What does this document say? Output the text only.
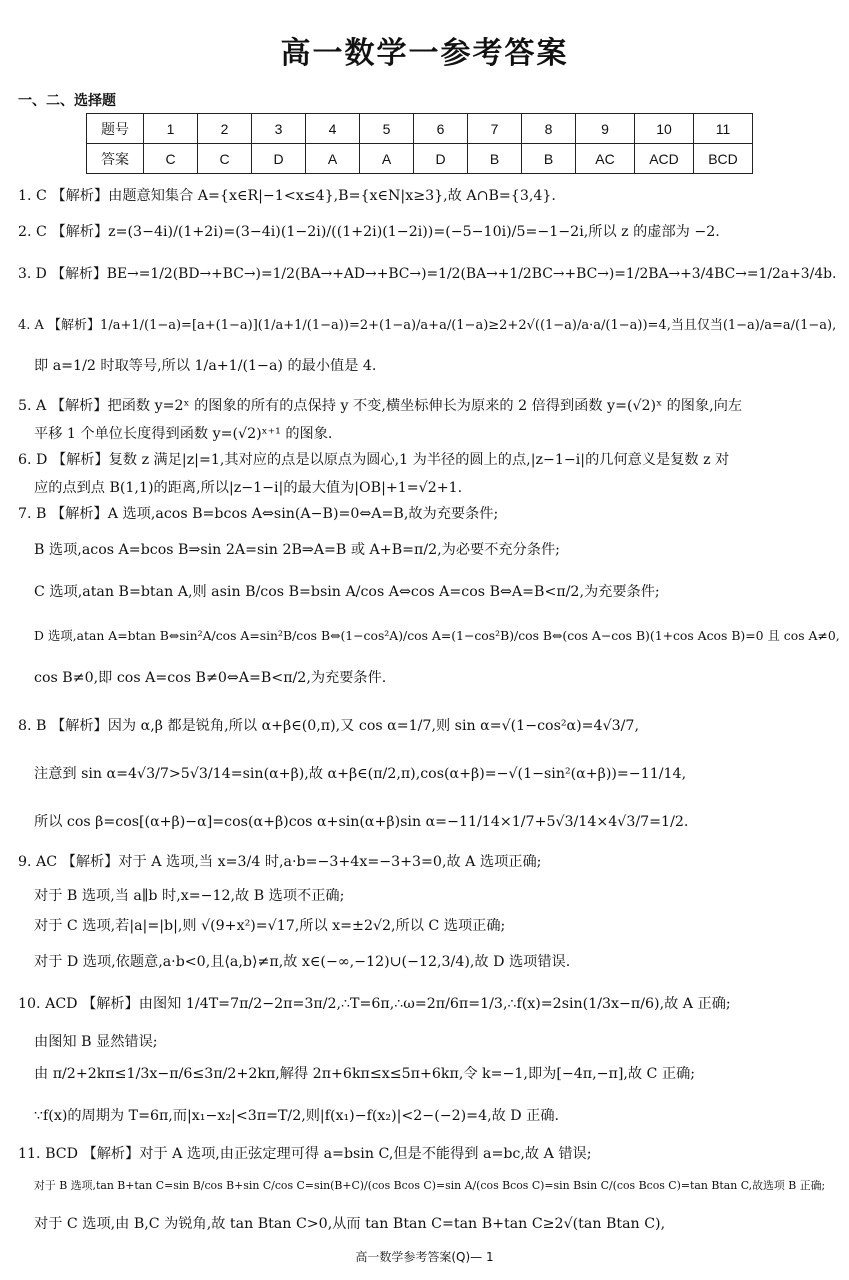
高一数学一参考答案
一、二、选择题
题号	1	2	3	4	5	6	7	8	9	10	11
答案	C	C	D	A	A	D	B	B	AC	ACD	BCD
1. C 【解析】由题意知集合 A={x∈R|−1<x≤4},B={x∈N|x≥3},故 A∩B={3,4}.
2. C 【解析】z=(3−4i)/(1+2i)=(3−4i)(1−2i)/((1+2i)(1−2i))=(−5−10i)/5=−1−2i,所以 z 的虚部为 −2.
3. D 【解析】BE→=1/2(BD→+BC→)=1/2(BA→+AD→+BC→)=1/2(BA→+1/2BC→+BC→)=1/2BA→+3/4BC→=1/2a+3/4b.
4. A 【解析】1/a+1/(1−a)=[a+(1−a)](1/a+1/(1−a))=2+(1−a)/a+a/(1−a)≥2+2√((1−a)/a·a/(1−a))=4,当且仅当(1−a)/a=a/(1−a),
即 a=1/2 时取等号,所以 1/a+1/(1−a) 的最小值是 4.
5. A 【解析】把函数 y=2ˣ 的图象的所有的点保持 y 不变,横坐标伸长为原来的 2 倍得到函数 y=(√2)ˣ 的图象,向左
平移 1 个单位长度得到函数 y=(√2)ˣ⁺¹ 的图象.
6. D 【解析】复数 z 满足|z|=1,其对应的点是以原点为圆心,1 为半径的圆上的点,|z−1−i|的几何意义是复数 z 对
应的点到点 B(1,1)的距离,所以|z−1−i|的最大值为|OB|+1=√2+1.
7. B 【解析】A 选项,acos B=bcos A⇔sin(A−B)=0⇔A=B,故为充要条件;
B 选项,acos A=bcos B⇒sin 2A=sin 2B⇒A=B 或 A+B=π/2,为必要不充分条件;
C 选项,atan B=btan A,则 asin B/cos B=bsin A/cos A⇔cos A=cos B⇔A=B<π/2,为充要条件;
D 选项,atan A=btan B⇔sin²A/cos A=sin²B/cos B⇔(1−cos²A)/cos A=(1−cos²B)/cos B⇔(cos A−cos B)(1+cos Acos B)=0 且 cos A≠0,
cos B≠0,即 cos A=cos B≠0⇔A=B<π/2,为充要条件.
8. B 【解析】因为 α,β 都是锐角,所以 α+β∈(0,π),又 cos α=1/7,则 sin α=√(1−cos²α)=4√3/7,
注意到 sin α=4√3/7>5√3/14=sin(α+β),故 α+β∈(π/2,π),cos(α+β)=−√(1−sin²(α+β))=−11/14,
所以 cos β=cos[(α+β)−α]=cos(α+β)cos α+sin(α+β)sin α=−11/14×1/7+5√3/14×4√3/7=1/2.
9. AC 【解析】对于 A 选项,当 x=3/4 时,a·b=−3+4x=−3+3=0,故 A 选项正确;
对于 B 选项,当 a∥b 时,x=−12,故 B 选项不正确;
对于 C 选项,若|a|=|b|,则 √(9+x²)=√17,所以 x=±2√2,所以 C 选项正确;
对于 D 选项,依题意,a·b<0,且⟨a,b⟩≠π,故 x∈(−∞,−12)∪(−12,3/4),故 D 选项错误.
10. ACD 【解析】由图知 1/4T=7π/2−2π=3π/2,∴T=6π,∴ω=2π/6π=1/3,∴f(x)=2sin(1/3x−π/6),故 A 正确;
由图知 B 显然错误;
由 π/2+2kπ≤1/3x−π/6≤3π/2+2kπ,解得 2π+6kπ≤x≤5π+6kπ,令 k=−1,即为[−4π,−π],故 C 正确;
∵f(x)的周期为 T=6π,而|x₁−x₂|<3π=T/2,则|f(x₁)−f(x₂)|<2−(−2)=4,故 D 正确.
11. BCD 【解析】对于 A 选项,由正弦定理可得 a=bsin C,但是不能得到 a=bc,故 A 错误;
对于 B 选项,tan B+tan C=sin B/cos B+sin C/cos C=sin(B+C)/(cos Bcos C)=sin A/(cos Bcos C)=sin Bsin C/(cos Bcos C)=tan Btan C,故选项 B 正确;
对于 C 选项,由 B,C 为锐角,故 tan Btan C>0,从而 tan Btan C=tan B+tan C≥2√(tan Btan C),
高一数学参考答案(Q)— 1
